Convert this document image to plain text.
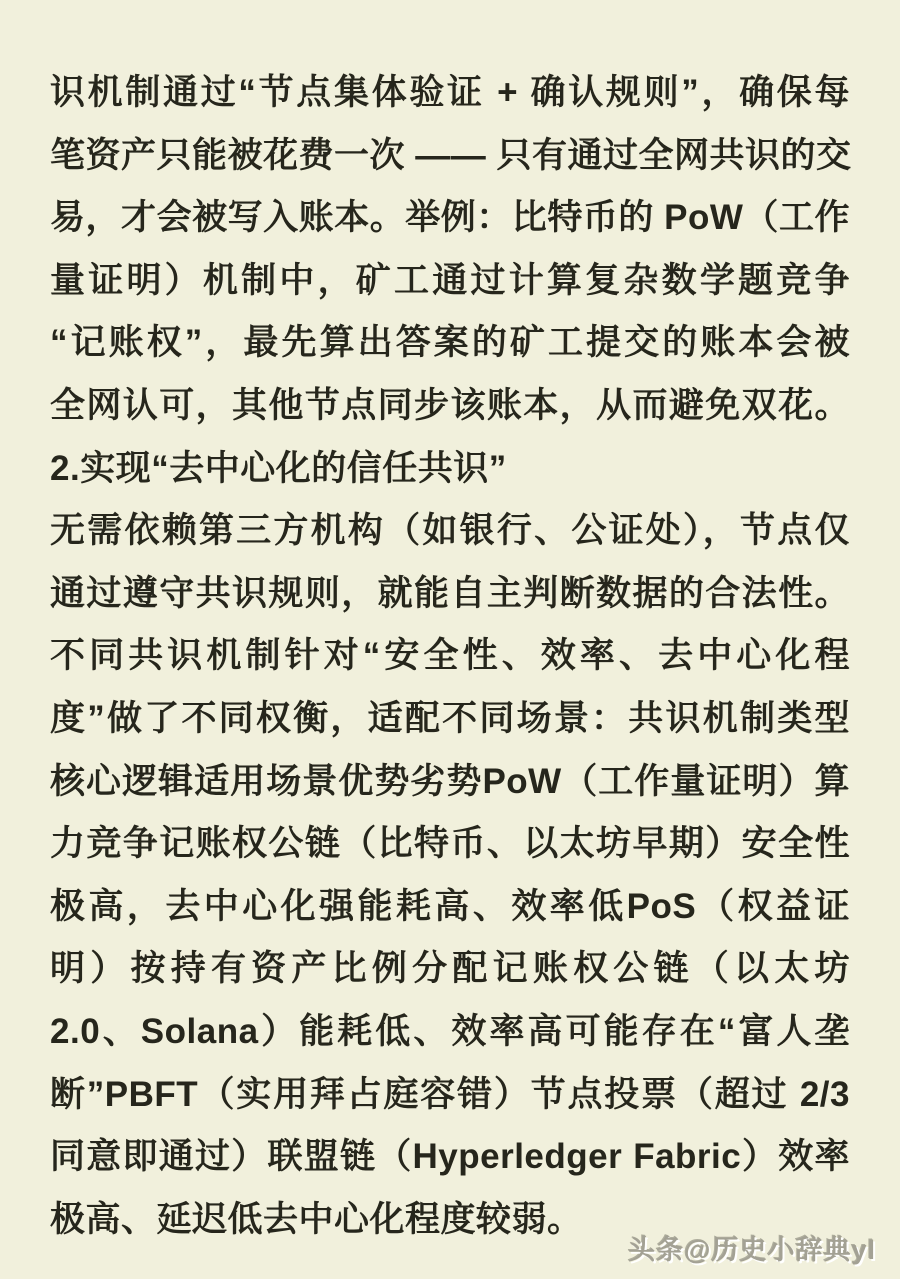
识机制通过“节点集体验证 + 确认规则”，确保每
笔资产只能被花费一次 —— 只有通过全网共识的交
易，才会被写入账本。举例：比特币的 PoW（工作
量证明）机制中，矿工通过计算复杂数学题竞争
“记账权”，最先算出答案的矿工提交的账本会被
全网认可，其他节点同步该账本，从而避免双花。
2.实现“去中心化的信任共识”
无需依赖第三方机构（如银行、公证处），节点仅
通过遵守共识规则，就能自主判断数据的合法性。
不同共识机制针对“安全性、效率、去中心化程
度”做了不同权衡，适配不同场景：共识机制类型
核心逻辑适用场景优势劣势PoW（工作量证明）算
力竞争记账权公链（比特币、以太坊早期）安全性
极高，去中心化强能耗高、效率低PoS（权益证
明）按持有资产比例分配记账权公链（以太坊
2.0、Solana）能耗低、效率高可能存在“富人垄
断”PBFT（实用拜占庭容错）节点投票（超过 2/3
同意即通过）联盟链（Hyperledger Fabric）效率
极高、延迟低去中心化程度较弱。
头条@历史小辞典yl
